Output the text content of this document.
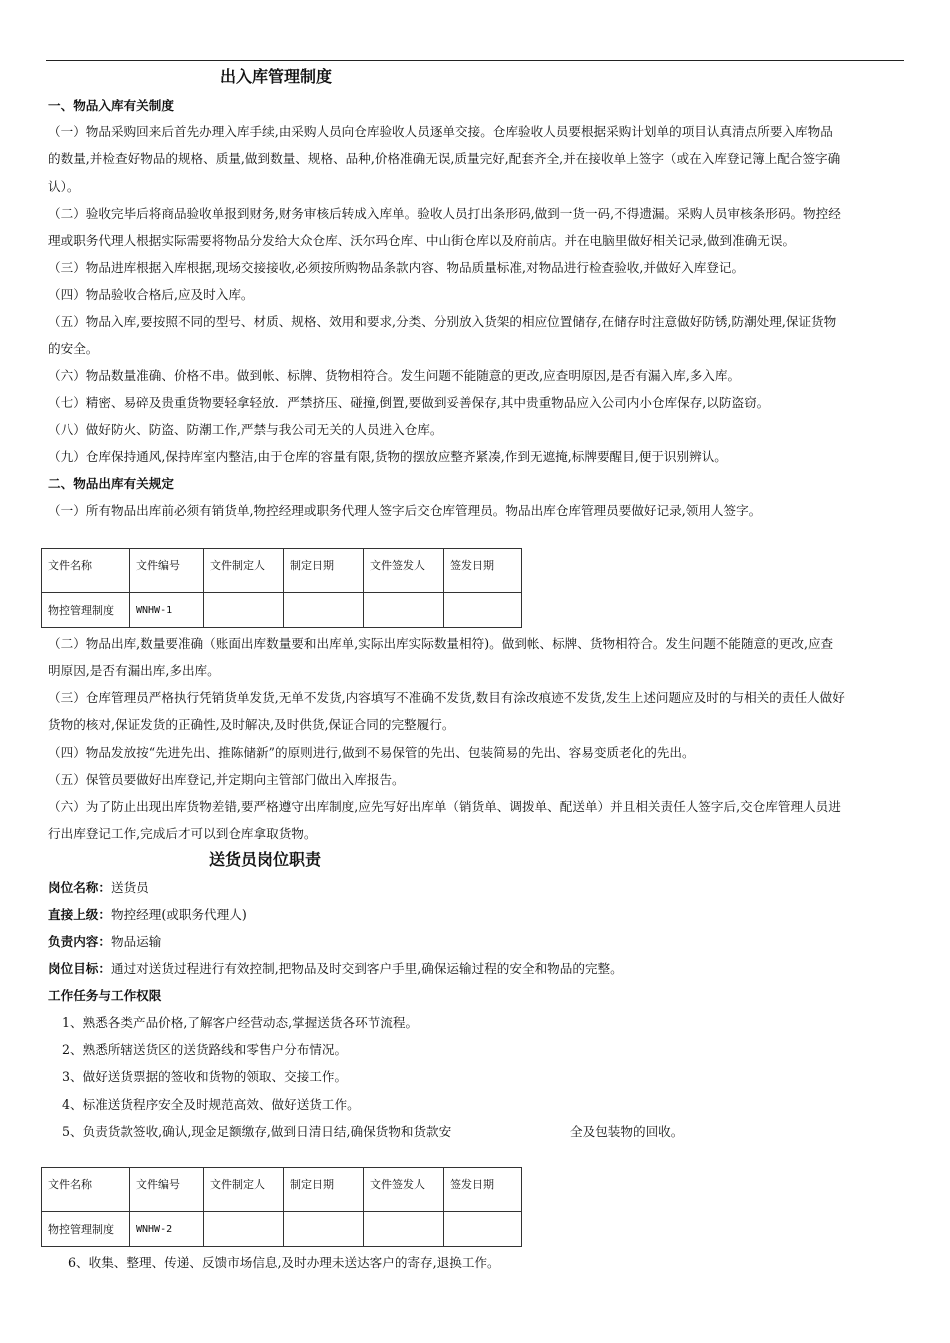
出入库管理制度
一、物品入库有关制度
（一）物品采购回来后首先办理入库手续,由采购人员向仓库验收人员逐单交接。仓库验收人员要根据采购计划单的项目认真清点所要入库物品
的数量,并检查好物品的规格、质量,做到数量、规格、品种,价格准确无误,质量完好,配套齐全,并在接收单上签字（或在入库登记簿上配合签字确
认）。
（二）验收完毕后将商品验收单报到财务,财务审核后转成入库单。验收人员打出条形码,做到一货一码,不得遗漏。采购人员审核条形码。物控经
理或职务代理人根据实际需要将物品分发给大众仓库、沃尔玛仓库、中山街仓库以及府前店。并在电脑里做好相关记录,做到准确无误。
（三）物品进库根据入库根据,现场交接接收,必须按所购物品条款内容、物品质量标准,对物品进行检查验收,并做好入库登记。
（四）物品验收合格后,应及时入库。
（五）物品入库,要按照不同的型号、材质、规格、效用和要求,分类、分别放入货架的相应位置储存,在储存时注意做好防锈,防潮处理,保证货物
的安全。
（六）物品数量准确、价格不串。做到帐、标牌、货物相符合。发生问题不能随意的更改,应查明原因,是否有漏入库,多入库。
（七）精密、易碎及贵重货物要轻拿轻放．严禁挤压、碰撞,倒置,要做到妥善保存,其中贵重物品应入公司内小仓库保存,以防盗窃。
（八）做好防火、防盗、防潮工作,严禁与我公司无关的人员进入仓库。
（九）仓库保持通风,保持库室内整洁,由于仓库的容量有限,货物的摆放应整齐紧凑,作到无遮掩,标牌要醒目,便于识别辨认。
二、物品出库有关规定
（一）所有物品出库前必须有销货单,物控经理或职务代理人签字后交仓库管理员。物品出库仓库管理员要做好记录,领用人签字。
文件名称	文件编号	文件制定人	制定日期	文件签发人	签发日期
物控管理制度	WNHW-1				
（二）物品出库,数量要准确（账面出库数量要和出库单,实际出库实际数量相符)。做到帐、标牌、货物相符合。发生问题不能随意的更改,应查
明原因,是否有漏出库,多出库。
（三）仓库管理员严格执行凭销货单发货,无单不发货,内容填写不准确不发货,数目有涂改痕迹不发货,发生上述问题应及时的与相关的责任人做好
货物的核对,保证发货的正确性,及时解决,及时供货,保证合同的完整履行。
（四）物品发放按“先进先出、推陈储新”的原则进行,做到不易保管的先出、包装简易的先出、容易变质老化的先出。
（五）保管员要做好出库登记,并定期向主管部门做出入库报告。
（六）为了防止出现出库货物差错,要严格遵守出库制度,应先写好出库单（销货单、调拨单、配送单）并且相关责任人签字后,交仓库管理人员进
行出库登记工作,完成后才可以到仓库拿取货物。
送货员岗位职责
岗位名称：送货员
直接上级：物控经理(或职务代理人)
负责内容：物品运输
岗位目标：通过对送货过程进行有效控制,把物品及时交到客户手里,确保运输过程的安全和物品的完整。
工作任务与工作权限
1、熟悉各类产品价格,了解客户经营动态,掌握送货各环节流程。
2、熟悉所辖送货区的送货路线和零售户分布情况。
3、做好送货票据的签收和货物的领取、交接工作。
4、标准送货程序安全及时规范高效、做好送货工作。
5、负责货款签收,确认,现金足额缴存,做到日清日结,确保货物和货款安	全及包装物的回收。
文件名称	文件编号	文件制定人	制定日期	文件签发人	签发日期
物控管理制度	WNHW-2				
6、收集、整理、传递、反馈市场信息,及时办理未送达客户的寄存,退换工作。
